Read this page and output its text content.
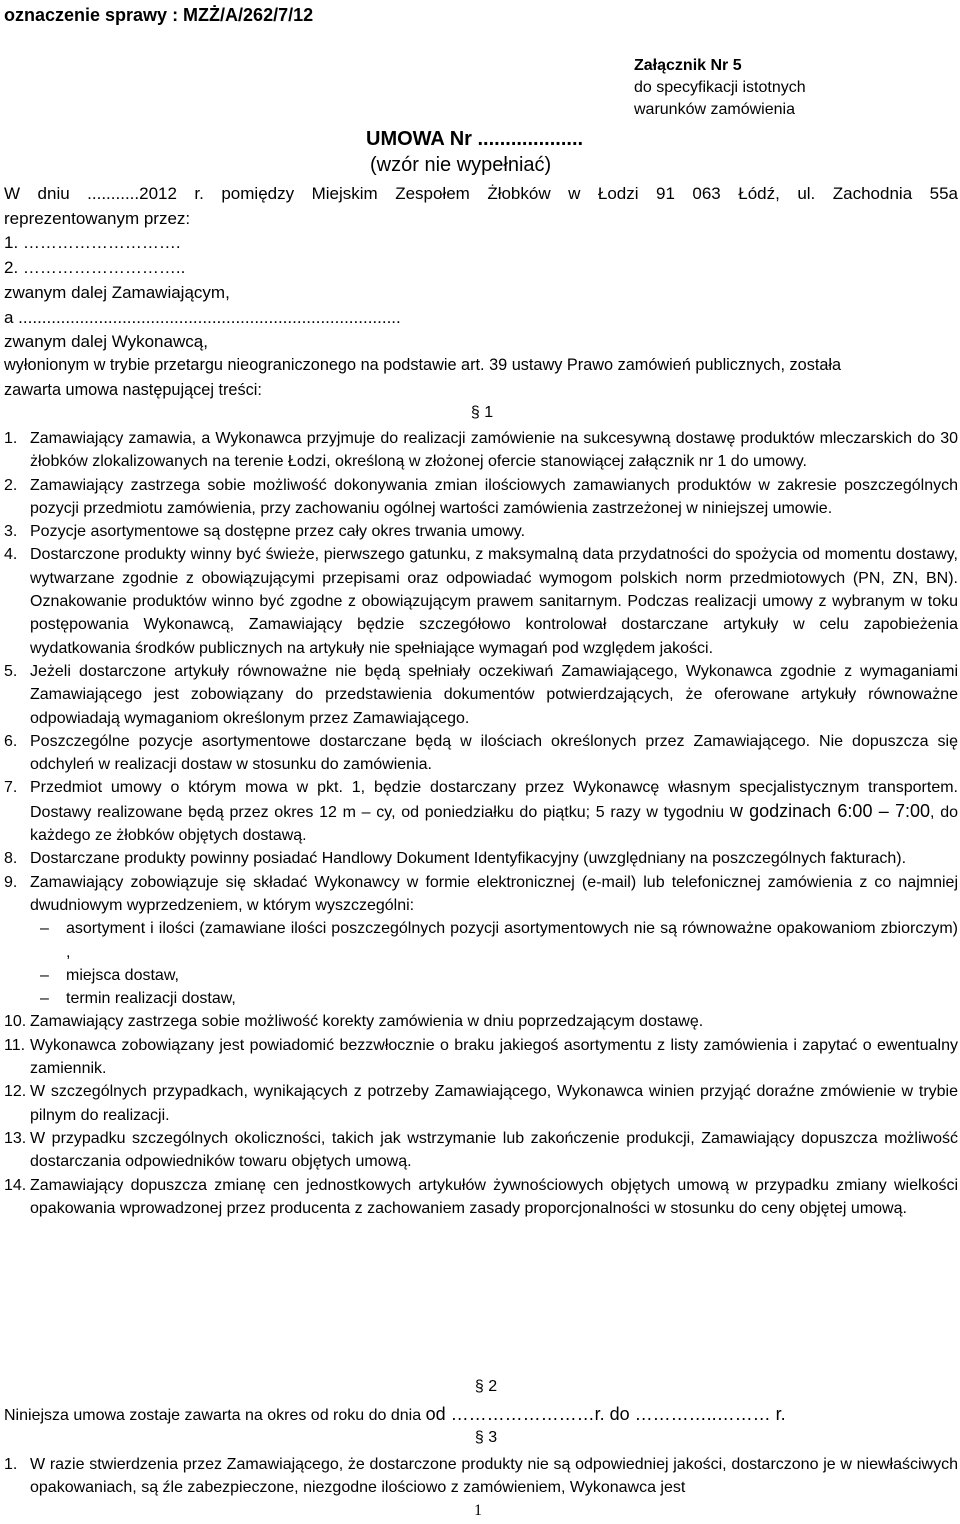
oznaczenie sprawy : MZŻ/A/262/7/12
Załącznik Nr 5
do specyfikacji istotnych
warunków zamówienia
UMOWA Nr ...................
(wzór nie wypełniać)
W dniu ...........2012 r. pomiędzy Miejskim Zespołem Żłobków w Łodzi 91 063 Łódź, ul. Zachodnia 55a
reprezentowanym przez:
1. ……………………….
2. ………………………..
zwanym dalej Zamawiającym,
a .................................................................................
zwanym dalej Wykonawcą,
wyłonionym w trybie przetargu nieograniczonego na podstawie art. 39 ustawy Prawo zamówień publicznych, została
zawarta umowa następującej treści:
§ 1
1. Zamawiający zamawia, a Wykonawca przyjmuje do realizacji zamówienie na sukcesywną dostawę produktów mleczarskich do 30 żłobków zlokalizowanych na terenie Łodzi, określoną w złożonej ofercie stanowiącej załącznik nr 1 do umowy.
2. Zamawiający zastrzega sobie możliwość dokonywania zmian ilościowych zamawianych produktów w zakresie poszczególnych pozycji przedmiotu zamówienia, przy zachowaniu ogólnej wartości zamówienia zastrzeżonej w niniejszej umowie.
3. Pozycje asortymentowe są dostępne przez cały okres trwania umowy.
4. Dostarczone produkty winny być świeże, pierwszego gatunku, z maksymalną data przydatności do spożycia od momentu dostawy, wytwarzane zgodnie z obowiązującymi przepisami oraz odpowiadać wymogom polskich norm przedmiotowych (PN, ZN, BN). Oznakowanie produktów winno być zgodne z obowiązującym prawem sanitarnym. Podczas realizacji umowy z wybranym w toku postępowania Wykonawcą, Zamawiający będzie szczegółowo kontrolował dostarczane artykuły w celu zapobieżenia wydatkowania środków publicznych na artykuły nie spełniające wymagań pod względem jakości.
5. Jeżeli dostarczone artykuły równoważne nie będą spełniały oczekiwań Zamawiającego, Wykonawca zgodnie z wymaganiami Zamawiającego jest zobowiązany do przedstawienia dokumentów potwierdzających, że oferowane artykuły równoważne odpowiadają wymaganiom określonym przez Zamawiającego.
6. Poszczególne pozycje asortymentowe dostarczane będą w ilościach określonych przez Zamawiającego. Nie dopuszcza się odchyleń w realizacji dostaw w stosunku do zamówienia.
7. Przedmiot umowy o którym mowa w pkt. 1, będzie dostarczany przez Wykonawcę własnym specjalistycznym transportem. Dostawy realizowane będą przez okres 12 m – cy, od poniedziałku do piątku; 5 razy w tygodniu w godzinach 6:00 – 7:00, do każdego ze żłobków objętych dostawą.
8. Dostarczane produkty powinny posiadać Handlowy Dokument Identyfikacyjny (uwzględniany na poszczególnych fakturach).
9. Zamawiający zobowiązuje się składać Wykonawcy w formie elektronicznej (e-mail) lub telefonicznej zamówienia z co najmniej dwudniowym wyprzedzeniem, w którym wyszczególni:
– asortyment i ilości (zamawiane ilości poszczególnych pozycji asortymentowych nie są równoważne opakowaniom zbiorczym) ,
– miejsca dostaw,
– termin realizacji dostaw,
10. Zamawiający zastrzega sobie możliwość korekty zamówienia w dniu poprzedzającym dostawę.
11. Wykonawca zobowiązany jest powiadomić bezzwłocznie o braku jakiegoś asortymentu z listy zamówienia i zapytać o ewentualny zamiennik.
12. W szczególnych przypadkach, wynikających z potrzeby Zamawiającego, Wykonawca winien przyjąć doraźne zmówienie w trybie pilnym do realizacji.
13. W przypadku szczególnych okoliczności, takich jak wstrzymanie lub zakończenie produkcji, Zamawiający dopuszcza możliwość dostarczania odpowiedników towaru objętych umową.
14. Zamawiający dopuszcza zmianę cen jednostkowych artykułów żywnościowych objętych umową w przypadku zmiany wielkości opakowania wprowadzonej przez producenta z zachowaniem zasady proporcjonalności w stosunku do ceny objętej umową.
§ 2
Niniejsza umowa zostaje zawarta na okres od roku do dnia od ……………………r. do …………..……… r.
§ 3
1. W razie stwierdzenia przez Zamawiającego, że dostarczone produkty nie są odpowiedniej jakości, dostarczono je w niewłaściwych opakowaniach, są źle zabezpieczone, niezgodne ilościowo z zamówieniem, Wykonawca jest
1
